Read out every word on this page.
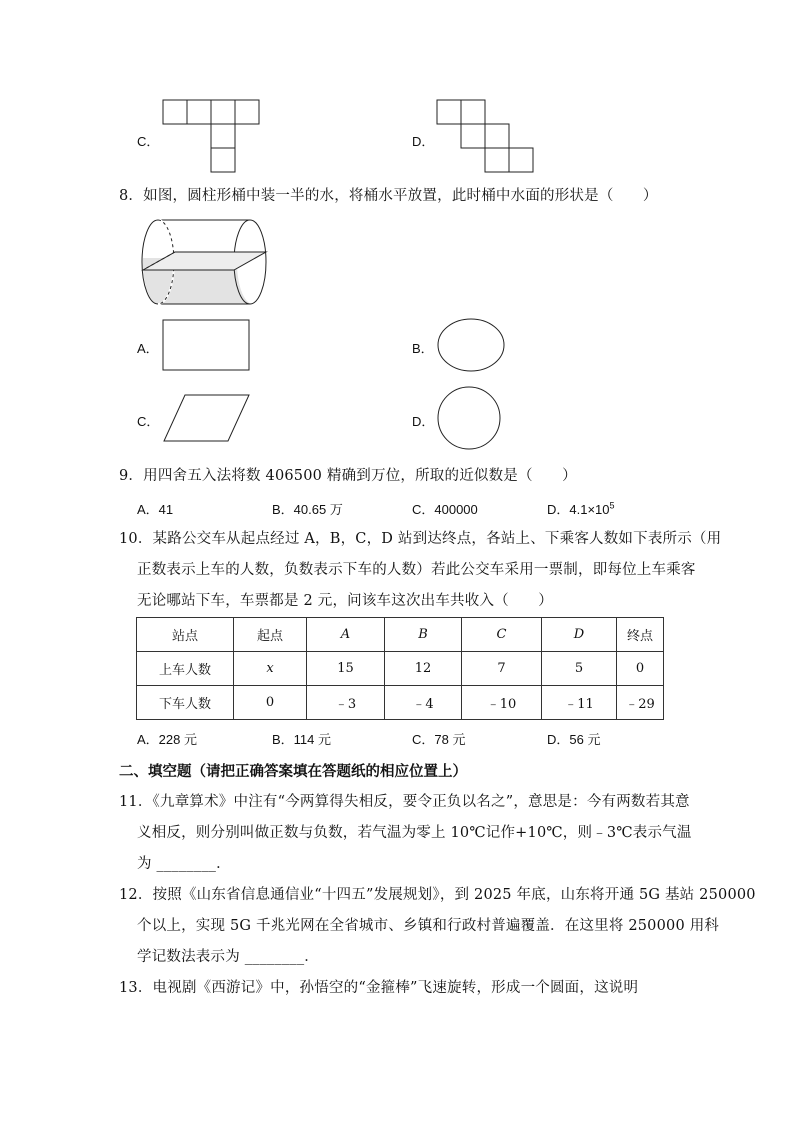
C．	D．
8．如图，圆柱形桶中装一半的水，将桶水平放置，此时桶中水面的形状是（　　）
A．	B．
C．	D．
9．用四舍五入法将数 406500 精确到万位，所取的近似数是（　　）
A．41	B．40.65 万	C．400000	D．$4.1\times 10^5$
10．某路公交车从起点经过 A，B，C，D 站到达终点，各站上、下乘客人数如下表所示（用
正数表示上车的人数，负数表示下车的人数）若此公交车采用一票制，即每位上车乘客
无论哪站下车，车票都是 2 元，问该车这次出车共收入（　　）
站点	起点	A	B	C	D	终点
上车人数	x	15	12	7	5	0
下车人数	0	﹣3	﹣4	﹣10	﹣11	﹣29
A．228 元	B．114 元	C．78 元	D．56 元
二、填空题（请把正确答案填在答题纸的相应位置上）
11．《九章算术》中注有“今两算得失相反，要令正负以名之”，意思是：今有两数若其意
义相反，则分别叫做正数与负数，若气温为零上 10℃记作+10℃，则﹣3℃表示气温
为 ________．
12．按照《山东省信息通信业“十四五”发展规划》，到 2025 年底，山东将开通 5G 基站 250000
个以上，实现 5G 千兆光网在全省城市、乡镇和行政村普遍覆盖．在这里将 250000 用科
学记数法表示为 ________．
13．电视剧《西游记》中，孙悟空的“金箍棒”飞速旋转，形成一个圆面，这说明
